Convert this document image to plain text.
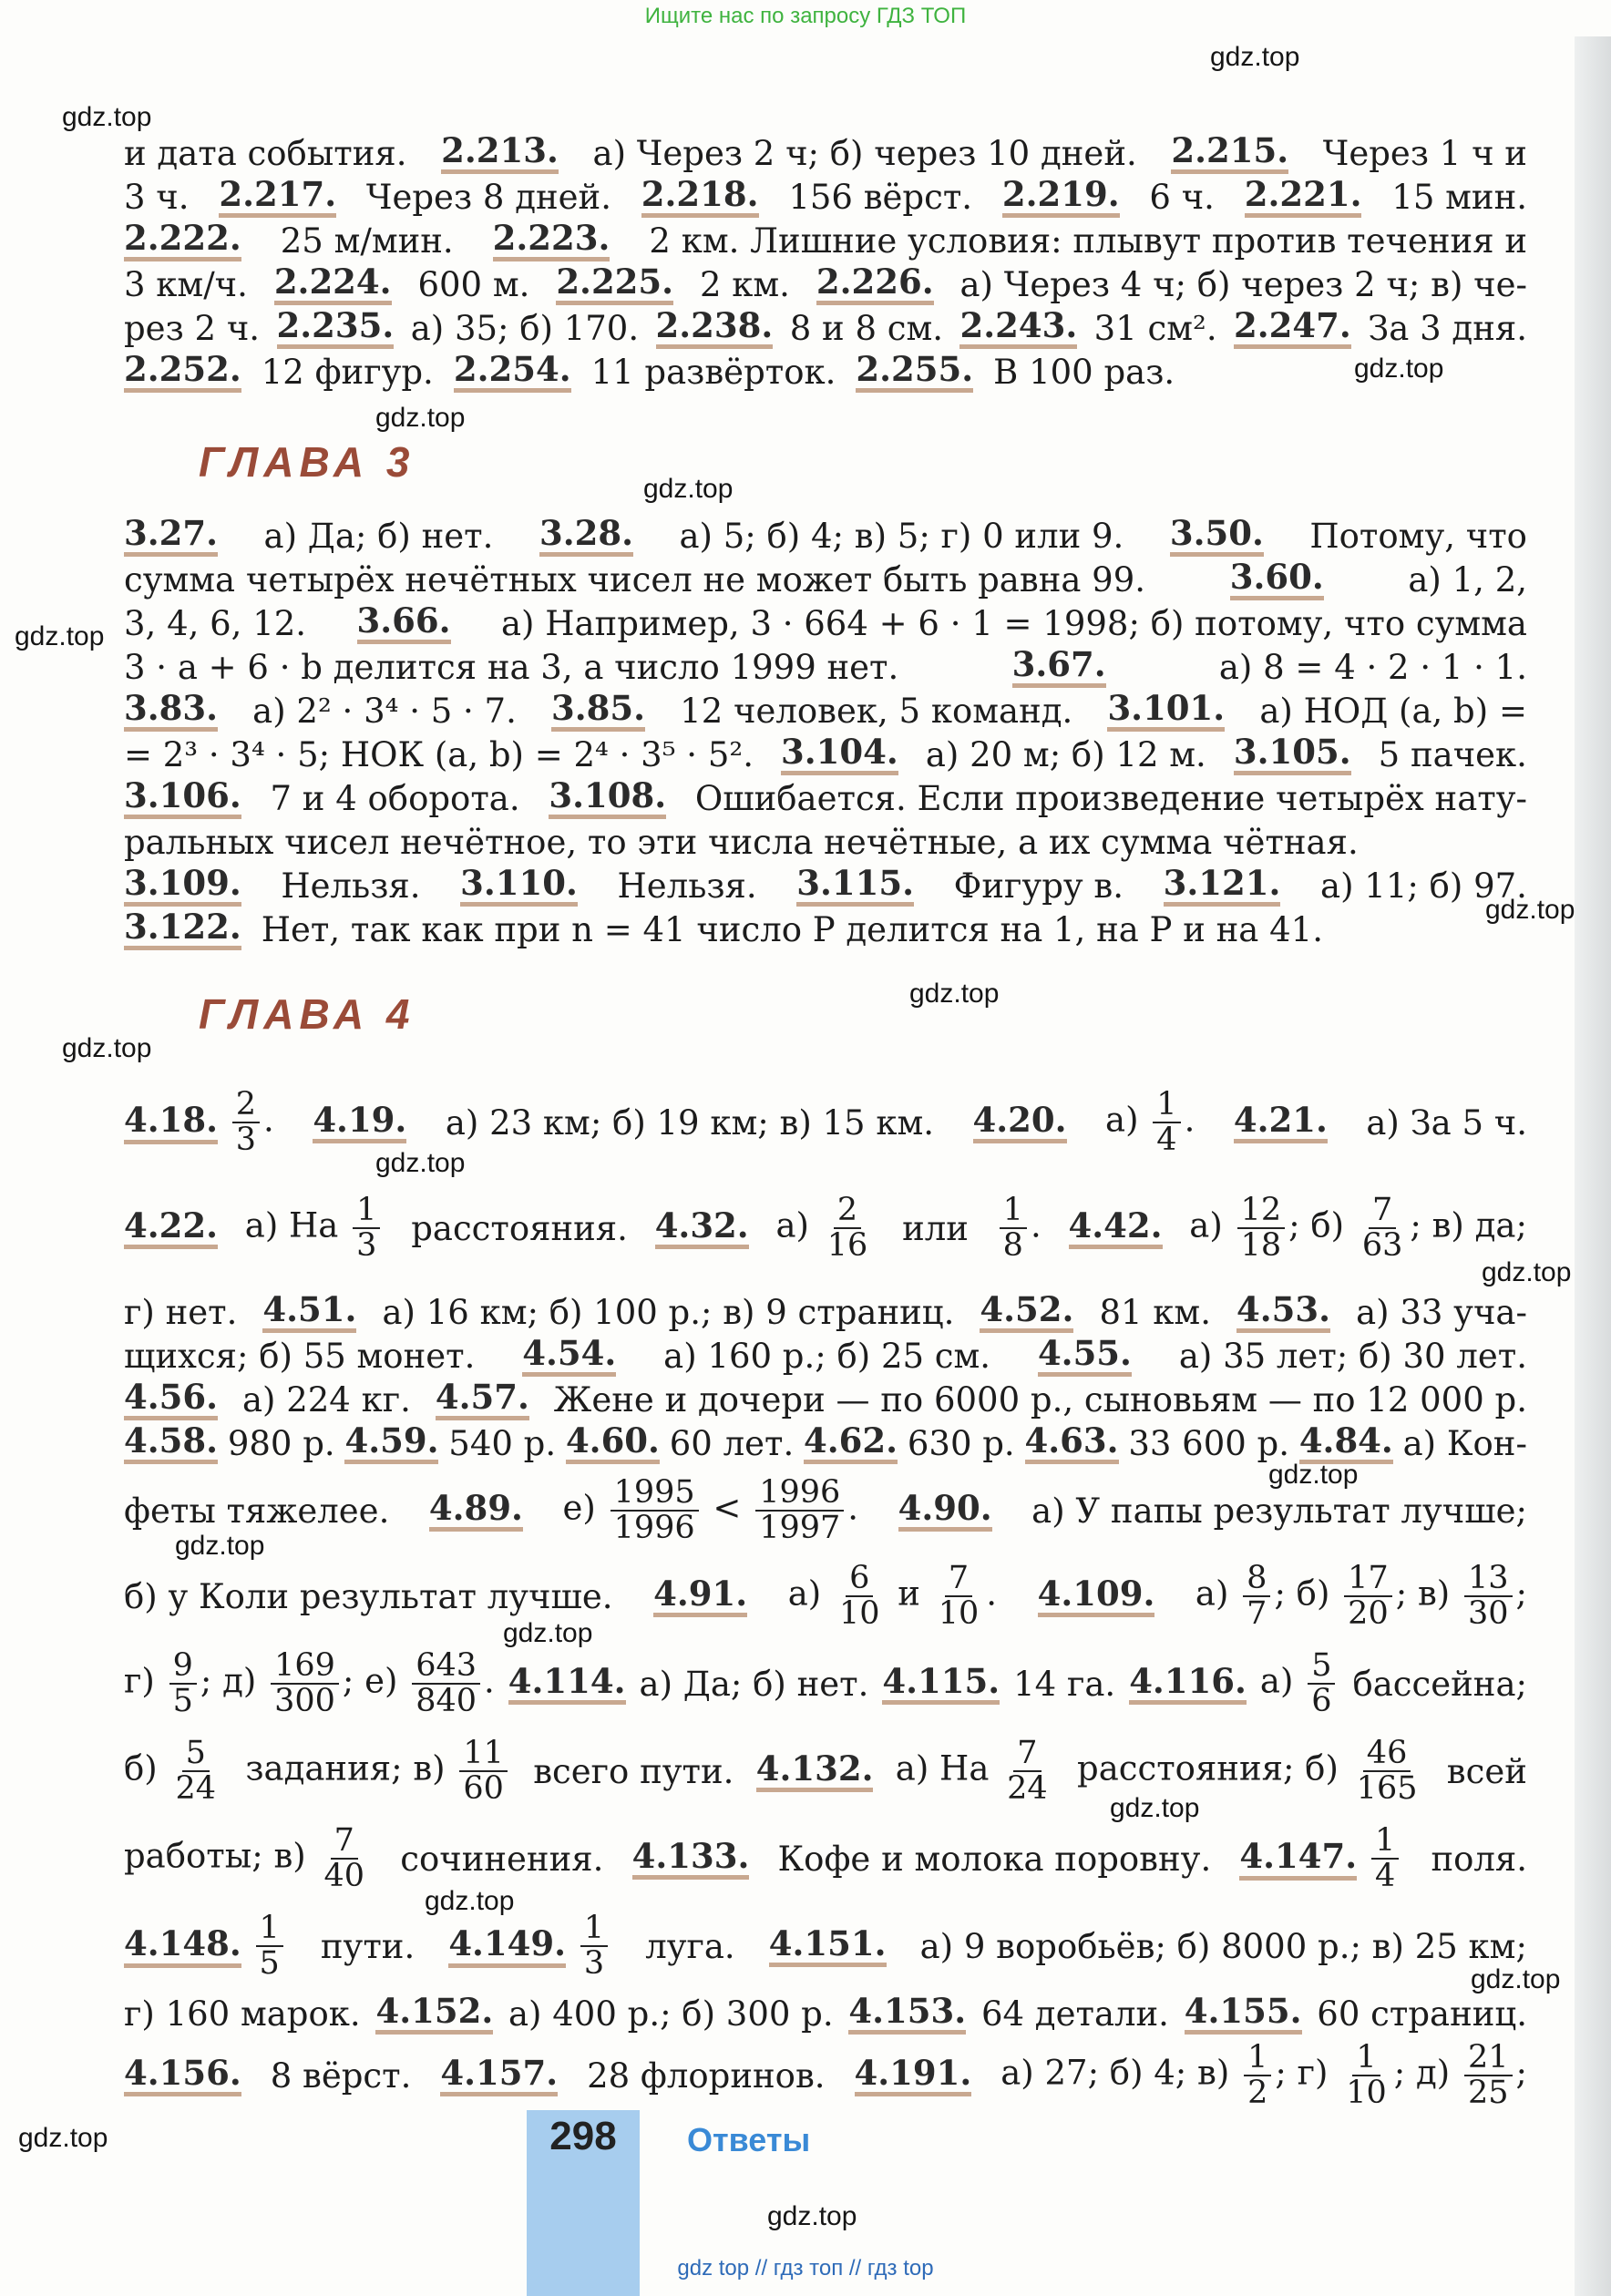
Ищите нас по запросу ГДЗ ТОП
gdz.top
gdz.top
gdz.top
gdz.top
gdz.top
gdz.top
gdz.top
gdz.top
gdz.top
gdz.top
gdz.top
gdz.top
gdz.top
gdz.top
gdz.top
gdz.top
gdz.top
gdz.top
gdz.top
и дата события. 2.213. а) Через 2 ч; б) через 10 дней. 2.215. Через 1 ч и
3 ч. 2.217. Через 8 дней. 2.218. 156 вёрст. 2.219. 6 ч. 2.221. 15 мин.
2.222. 25 м/мин. 2.223. 2 км. Лишние условия: плывут против течения и
3 км/ч. 2.224. 600 м. 2.225. 2 км. 2.226. а) Через 4 ч; б) через 2 ч; в) че-
рез 2 ч. 2.235. а) 35; б) 170. 2.238. 8 и 8 см. 2.243. 31 см². 2.247. За 3 дня.
2.252. 12 фигур. 2.254. 11 развёрток. 2.255. В 100 раз.
ГЛАВА 3
3.27. а) Да; б) нет. 3.28. а) 5; б) 4; в) 5; г) 0 или 9. 3.50. Потому, что
сумма четырёх нечётных чисел не может быть равна 99.	3.60.	а) 1, 2,
3, 4, 6, 12. 3.66. а) Например, 3 · 664 + 6 · 1 = 1998; б) потому, что сумма
3 · a + 6 · b делится на 3, а число 1999 нет.	3.67.	а) 8 = 4 · 2 · 1 · 1.
3.83. а) 2² · 3⁴ · 5 · 7. 3.85. 12 человек, 5 команд. 3.101. а) НОД (a, b) =
= 2³ · 3⁴ · 5; НОК (a, b) = 2⁴ · 3⁵ · 5². 3.104. а) 20 м; б) 12 м. 3.105. 5 пачек.
3.106. 7 и 4 оборота. 3.108. Ошибается. Если произведение четырёх нату-
ральных чисел нечётное, то эти числа нечётные, а их сумма чётная.
3.109. Нельзя. 3.110. Нельзя. 3.115. Фигуру в. 3.121. а) 11; б) 97.
3.122. Нет, так как при n = 41 число P делится на 1, на P и на 41.
ГЛАВА 4
4.18. $\frac{2}{3}$ . 4.19. а) 23 км; б) 19 км; в) 15 км. 4.20. $а) \frac{1}{4}$ . 4.21. а) За 5 ч.
4.22. а) На $\frac{1}{3}$ расстояния. 4.32. $а) \frac{2}{16}$ или $\frac{1}{8}$ . 4.42. $а) \frac{12}{18}$ ; $б) \frac{7}{63}$ ; в) да;
г) нет. 4.51. а) 16 км; б) 100 р.; в) 9 страниц. 4.52. 81 км. 4.53. а) 33 уча-
щихся; б) 55 монет. 4.54. а) 160 р.; б) 25 см. 4.55. а) 35 лет; б) 30 лет.
4.56. а) 224 кг. 4.57. Жене и дочери — по 6000 р., сыновьям — по 12 000 р.
4.58. 980 р. 4.59. 540 р. 4.60. 60 лет. 4.62. 630 р. 4.63. 33 600 р. 4.84. а) Кон-
феты тяжелее. 4.89. $е) \frac{1995}{1996} < \frac{1996}{1997}$ . 4.90. а) У папы результат лучше;
б) у Коли результат лучше. 4.91. $а) \frac{6}{10}$ и $\frac{7}{10}$ . 4.109. $а) \frac{8}{7}$ ; $б) \frac{17}{20}$ ; $в) \frac{13}{30}$ ;
$г) \frac{9}{5}$ ; $д) \frac{169}{300}$ ; $е) \frac{643}{840}$ . 4.114. а) Да; б) нет. 4.115. 14 га. 4.116. $а) \frac{5}{6}$ бассейна;
$б) \frac{5}{24}$ задания; $в) \frac{11}{60}$ всего пути. 4.132. а) На $\frac{7}{24}$ расстояния; $б) \frac{46}{165}$ всей
работы; $в) \frac{7}{40}$ сочинения. 4.133. Кофе и молока поровну. 4.147. $\frac{1}{4}$ поля.
4.148. $\frac{1}{5}$ пути. 4.149. $\frac{1}{3}$ луга. 4.151. а) 9 воробьёв; б) 8000 р.; в) 25 км;
г) 160 марок. 4.152. а) 400 р.; б) 300 р. 4.153. 64 детали. 4.155. 60 страниц.
4.156. 8 вёрст. 4.157. 28 флоринов. 4.191. а) 27; б) 4; $в) \frac{1}{2}$ ; $г) \frac{1}{10}$ ; $д) \frac{21}{25}$ ;
298	Ответы
gdz top // гдз топ // гдз top
